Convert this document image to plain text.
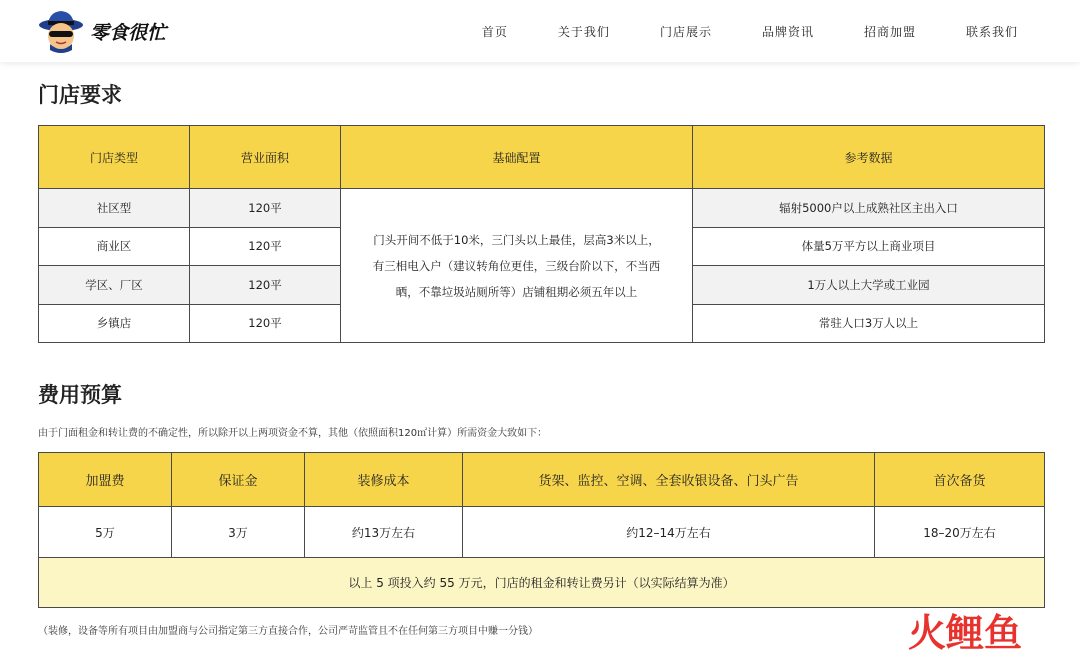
零食很忙	首页	关于我们	门店展示	品牌资讯	招商加盟	联系我们
门店要求
门店类型	营业面积	基础配置	参考数据
社区型	120平	门头开间不低于10米，三门头以上最佳，层高3米以上，有三相电入户（建议转角位更佳，三级台阶以下，不当西晒，不靠垃圾站厕所等）店铺租期必须五年以上	辐射5000户以上成熟社区主出入口
商业区	120平		体量5万平方以上商业项目
学区、厂区	120平		1万人以上大学或工业园
乡镇店	120平		常驻人口3万人以上
费用预算

由于门面租金和转让费的不确定性，所以除开以上两项资金不算，其他（依照面积120㎡计算）所需资金大致如下：

加盟费	保证金	装修成本	货架、监控、空调、全套收银设备、门头广告	首次备货
5万	3万	约13万左右	约12–14万左右	18–20万左右
以上 5 项投入约 55 万元，门店的租金和转让费另计（以实际结算为准）				

（装修，设备等所有项目由加盟商与公司指定第三方直接合作，公司严苛监管且不在任何第三方项目中赚一分钱）	火 鲤 鱼
